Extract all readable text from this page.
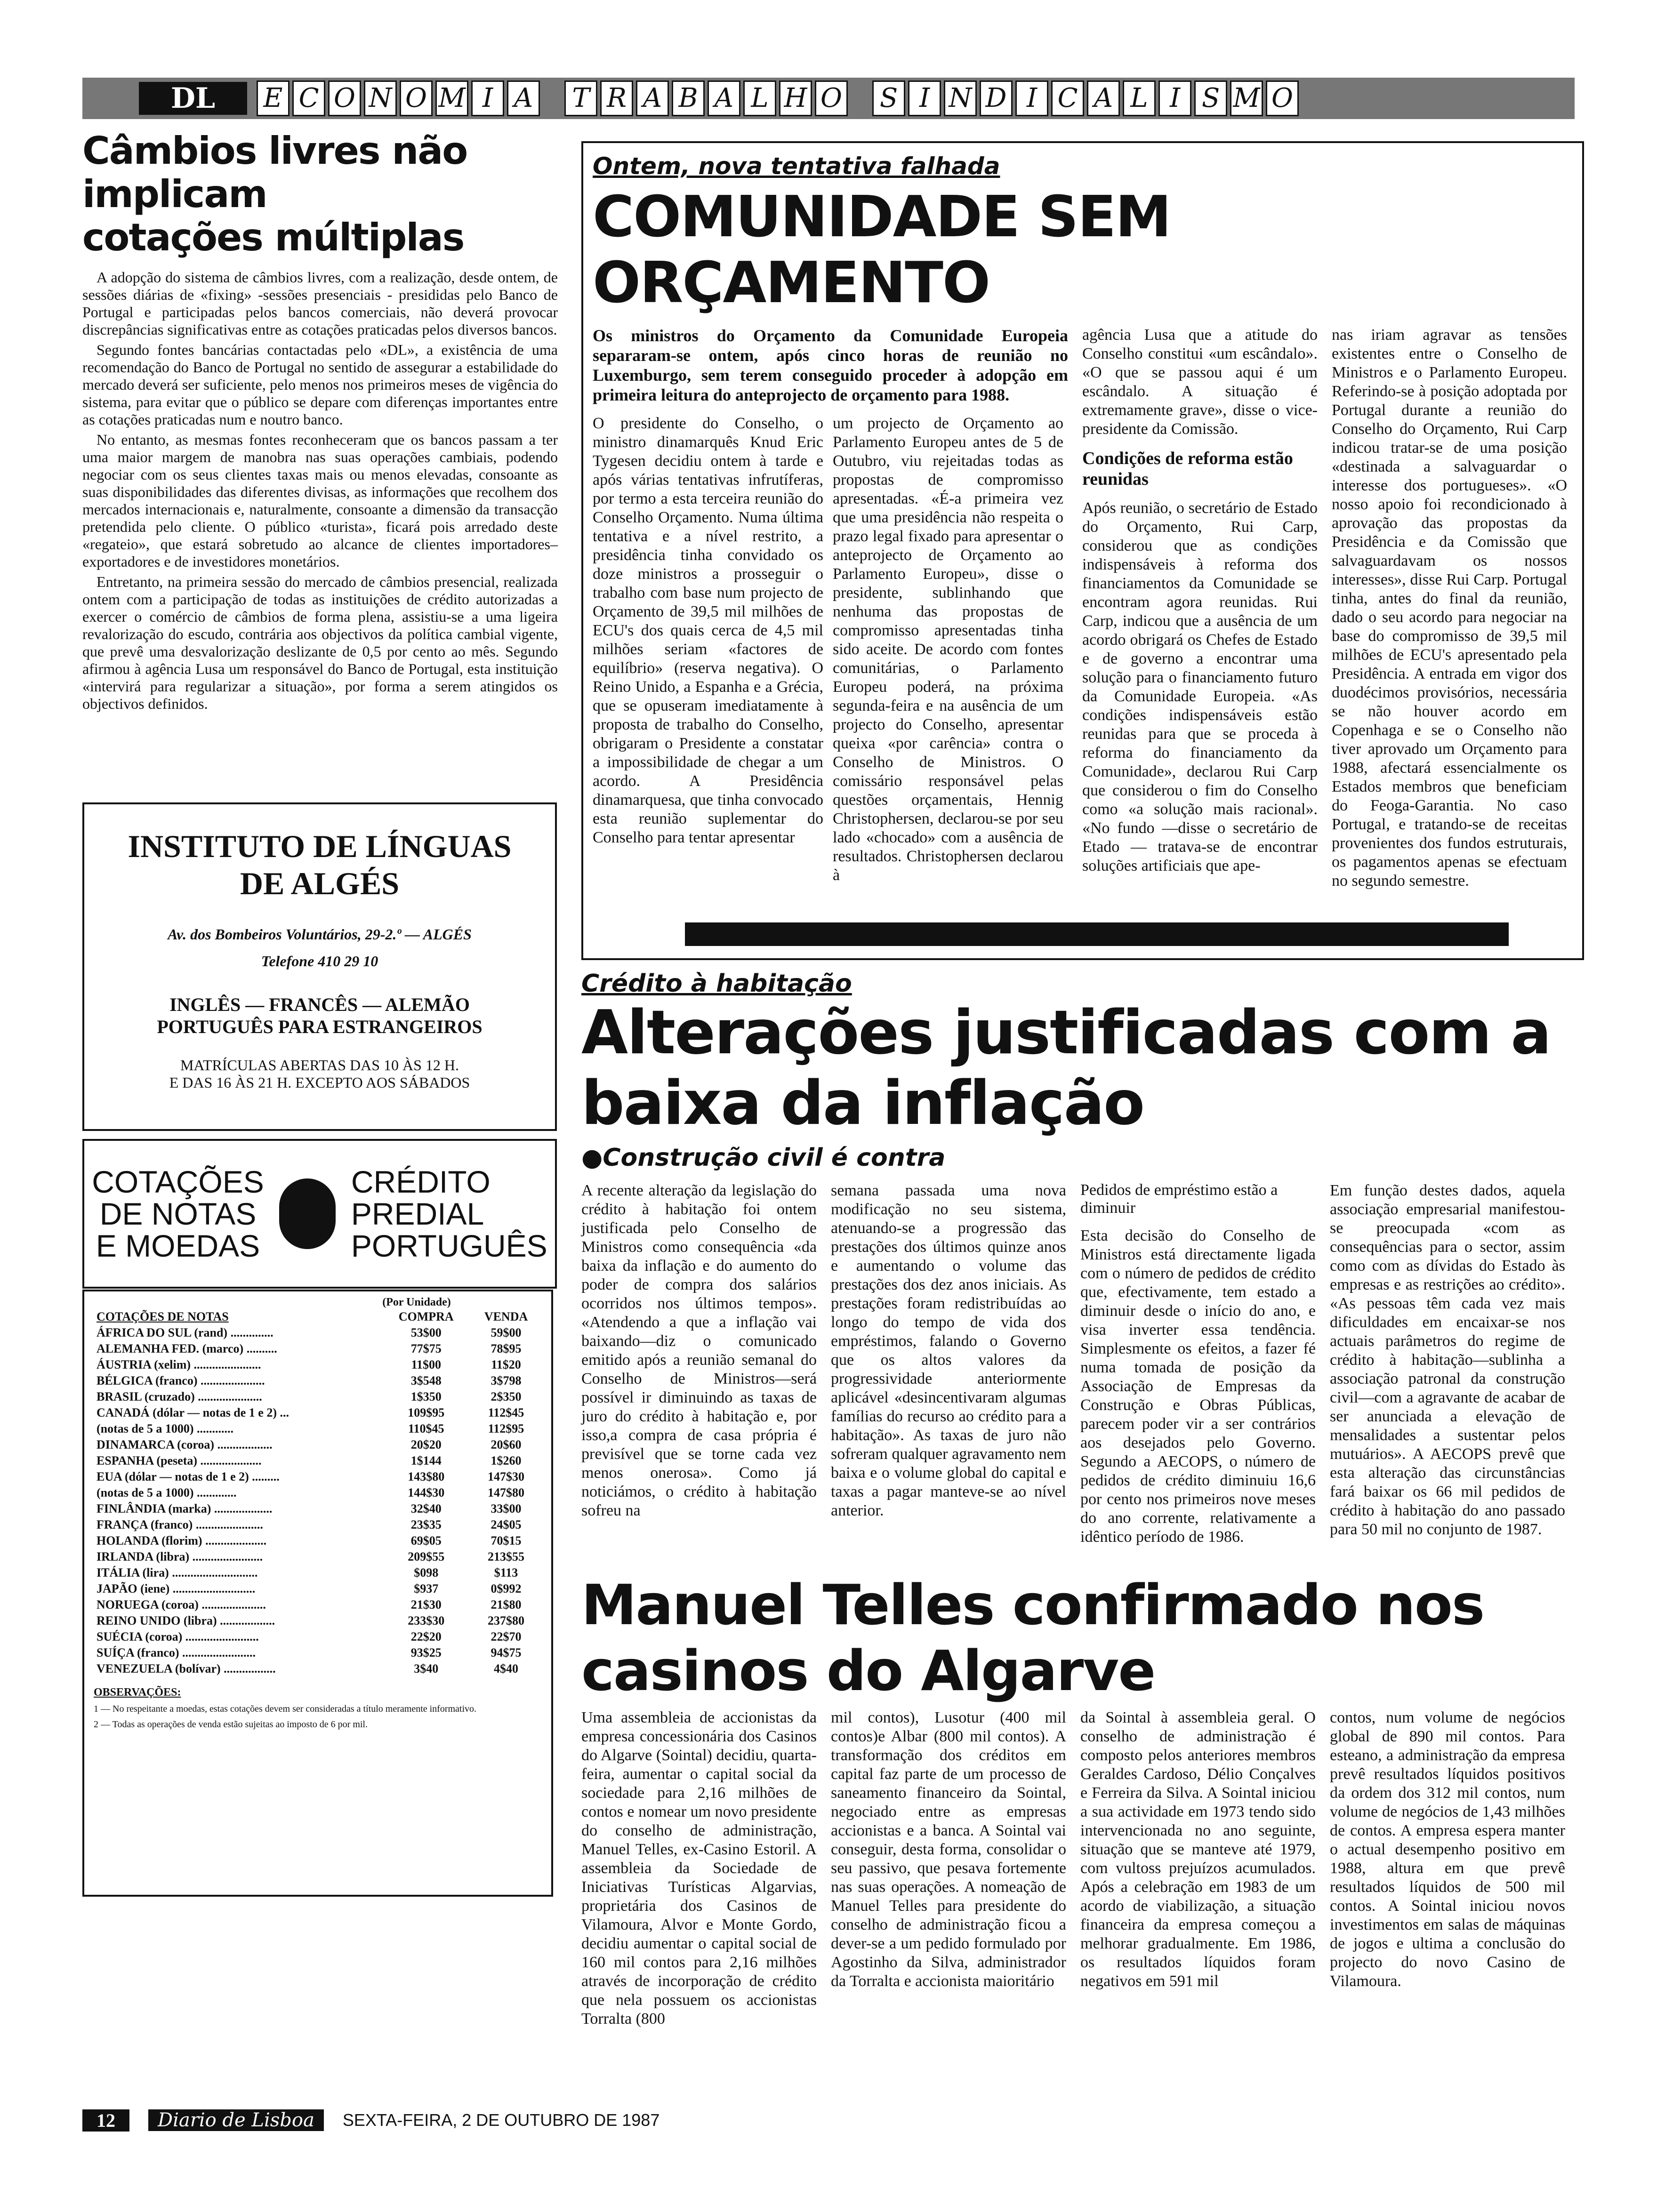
DL	E C O N O M I A T R A B A L H O S I N D I C A L I S M O
Câmbios livres não implicam
cotações múltiplas

A adopção do sistema de câmbios livres, com a realização, desde ontem, de sessões diárias de «fixing» -sessões presenciais - presididas pelo Banco de Portugal e participadas pelos bancos comerciais, não deverá provocar discrepâncias significativas entre as cotações praticadas pelos diversos bancos.

Segundo fontes bancárias contactadas pelo «DL», a existência de uma recomendação do Banco de Portugal no sentido de assegurar a estabilidade do mercado deverá ser suficiente, pelo menos nos primeiros meses de vigência do sistema, para evitar que o público se depare com diferenças importantes entre as cotações praticadas num e noutro banco.

No entanto, as mesmas fontes reconheceram que os bancos passam a ter uma maior margem de manobra nas suas operações cambiais, podendo negociar com os seus clientes taxas mais ou menos elevadas, consoante as suas disponibilidades das diferentes divisas, as informações que recolhem dos mercados internacionais e, naturalmente, consoante a dimensão da transacção pretendida pelo cliente. O público «turista», ficará pois arredado deste «regateio», que estará sobretudo ao alcance de clientes importadores–exportadores e de investidores monetários.

Entretanto, na primeira sessão do mercado de câmbios presencial, realizada ontem com a participação de todas as instituições de crédito autorizadas a exercer o comércio de câmbios de forma plena, assistiu-se a uma ligeira revalorização do escudo, contrária aos objectivos da política cambial vigente, que prevê uma desvalorização deslizante de 0,5 por cento ao mês. Segundo afirmou à agência Lusa um responsável do Banco de Portugal, esta instituição «intervirá para regularizar a situação», por forma a serem atingidos os objectivos definidos.

INSTITUTO DE LÍNGUAS
DE ALGÉS
Av. dos Bombeiros Voluntários, 29-2.º — ALGÉS
Telefone 410 29 10
INGLÊS — FRANCÊS — ALEMÃO
PORTUGUÊS PARA ESTRANGEIROS
MATRÍCULAS ABERTAS DAS 10 ÀS 12 H.
E DAS 16 ÀS 21 H. EXCEPTO AOS SÁBADOS
COTAÇÕES
DE NOTAS
E MOEDAS
CRÉDITO
PREDIAL
PORTUGUÊS
(Por Unidade)
COTAÇÕES DE NOTAS	COMPRA	VENDA
ÁFRICA DO SUL (rand) ..............	53$00	59$00
ALEMANHA FED. (marco) ..........	77$75	78$95
ÁUSTRIA (xelim) ......................	11$00	11$20
BÉLGICA (franco) .....................	3$548	3$798
BRASIL (cruzado) .....................	1$350	2$350
CANADÁ (dólar — notas de 1 e 2) ...	109$95	112$45
(notas de 5 a 1000) ............	110$45	112$95
DINAMARCA (coroa) ..................	20$20	20$60
ESPANHA (peseta) ....................	1$144	1$260
EUA (dólar — notas de 1 e 2) .........	143$80	147$30
(notas de 5 a 1000) .............	144$30	147$80
FINLÂNDIA (marka) ...................	32$40	33$00
FRANÇA (franco) ......................	23$35	24$05
HOLANDA (florim) ....................	69$05	70$15
IRLANDA (libra) .......................	209$55	213$55
ITÁLIA (lira) ............................	$098	$113
JAPÃO (iene) ...........................	$937	0$992
NORUEGA (coroa) .....................	21$30	21$80
REINO UNIDO (libra) ..................	233$30	237$80
SUÉCIA (coroa) ........................	22$20	22$70
SUÍÇA (franco) ........................	93$25	94$75
VENEZUELA (bolívar) .................	3$40	4$40
OBSERVAÇÕES:
1 — No respeitante a moedas, estas cotações devem ser consideradas a título meramente informativo.
2 — Todas as operações de venda estão sujeitas ao imposto de 6 por mil.
Ontem, nova tentativa falhada
COMUNIDADE SEM ORÇAMENTO
Os ministros do Orçamento da Comunidade Europeia separaram-se ontem, após cinco horas de reunião no Luxemburgo, sem terem conseguido proceder à adopção em primeira leitura do anteprojecto de orçamento para 1988.
O presidente do Conselho, o ministro dinamarquês Knud Eric Tygesen decidiu ontem à tarde e após várias tentativas infrutíferas, por termo a esta terceira reunião do Conselho Orçamento. Numa última tentativa e a nível restrito, a presidência tinha convidado os doze ministros a prosseguir o trabalho com base num projecto de Orçamento de 39,5 mil milhões de ECU's dos quais cerca de 4,5 mil milhões seriam «factores de equilíbrio» (reserva negativa). O Reino Unido, a Espanha e a Grécia, que se opuseram imediatamente à proposta de trabalho do Conselho, obrigaram o Presidente a constatar a impossibilidade de chegar a um acordo. A Presidência dinamarquesa, que tinha convocado esta reunião suplementar do Conselho para tentar apresentar
um projecto de Orçamento ao Parlamento Europeu antes de 5 de Outubro, viu rejeitadas todas as propostas de compromisso apresentadas. «É-a primeira vez que uma presidência não respeita o prazo legal fixado para apresentar o anteprojecto de Orçamento ao Parlamento Europeu», disse o presidente, sublinhando que nenhuma das propostas de compromisso apresentadas tinha sido aceite. De acordo com fontes comunitárias, o Parlamento Europeu poderá, na próxima segunda-feira e na ausência de um projecto do Conselho, apresentar queixa «por carência» contra o Conselho de Ministros. O comissário responsável pelas questões orçamentais, Hennig Christophersen, declarou-se por seu lado «chocado» com a ausência de resultados. Christophersen declarou à
agência Lusa que a atitude do Conselho constitui «um escândalo». «O que se passou aqui é um escândalo. A situação é extremamente grave», disse o vice-presidente da Comissão.
Condições de reforma estão reunidas
Após reunião, o secretário de Estado do Orçamento, Rui Carp, considerou que as condições indispensáveis à reforma dos financiamentos da Comunidade se encontram agora reunidas. Rui Carp, indicou que a ausência de um acordo obrigará os Chefes de Estado e de governo a encontrar uma solução para o financiamento futuro da Comunidade Europeia. «As condições indispensáveis estão reunidas para que se proceda à reforma do financiamento da Comunidade», declarou Rui Carp que considerou o fim do Conselho como «a solução mais racional». «No fundo —disse o secretário de Etado — tratava-se de encontrar soluções artificiais que ape-
nas iriam agravar as tensões existentes entre o Conselho de Ministros e o Parlamento Europeu. Referindo-se à posição adoptada por Portugal durante a reunião do Conselho do Orçamento, Rui Carp indicou tratar-se de uma posição «destinada a salvaguardar o interesse dos portugueses». «O nosso apoio foi recondicionado à aprovação das propostas da Presidência e da Comissão que salvaguardavam os nossos interesses», disse Rui Carp. Portugal tinha, antes do final da reunião, dado o seu acordo para negociar na base do compromisso de 39,5 mil milhões de ECU's apresentado pela Presidência. A entrada em vigor dos duodécimos provisórios, necessária se não houver acordo em Copenhaga e se o Conselho não tiver aprovado um Orçamento para 1988, afectará essencialmente os Estados membros que beneficiam do Feoga-Garantia. No caso Portugal, e tratando-se de receitas provenientes dos fundos estruturais, os pagamentos apenas se efectuam no segundo semestre.
Crédito à habitação
Alterações justificadas com a baixa da inflação
●Construção civil é contra
A recente alteração da legislação do crédito à habitação foi ontem justificada pelo Conselho de Ministros como consequência «da baixa da inflação e do aumento do poder de compra dos salários ocorridos nos últimos tempos». «Atendendo a que a inflação vai baixando—diz o comunicado emitido após a reunião semanal do Conselho de Ministros—será possível ir diminuindo as taxas de juro do crédito à habitação e, por isso,a compra de casa própria é previsível que se torne cada vez menos onerosa». Como já noticiámos, o crédito à habitação sofreu na
semana passada uma nova modificação no seu sistema, atenuando-se a progressão das prestações dos últimos quinze anos e aumentando o volume das prestações dos dez anos iniciais. As prestações foram redistribuídas ao longo do tempo de vida dos empréstimos, falando o Governo que os altos valores da progressividade anteriormente aplicável «desincentivaram algumas famílias do recurso ao crédito para a habitação». As taxas de juro não sofreram qualquer agravamento nem baixa e o volume global do capital e taxas a pagar manteve-se ao nível anterior.
Pedidos de empréstimo estão a diminuir
Esta decisão do Conselho de Ministros está directamente ligada com o número de pedidos de crédito que, efectivamente, tem estado a diminuir desde o início do ano, e visa inverter essa tendência. Simplesmente os efeitos, a fazer fé numa tomada de posição da Associação de Empresas da Construção e Obras Públicas, parecem poder vir a ser contrários aos desejados pelo Governo. Segundo a AECOPS, o número de pedidos de crédito diminuiu 16,6 por cento nos primeiros nove meses do ano corrente, relativamente a idêntico período de 1986.
Em função destes dados, aquela associação empresarial manifestou-se preocupada «com as consequências para o sector, assim como com as dívidas do Estado às empresas e as restrições ao crédito». «As pessoas têm cada vez mais dificuldades em encaixar-se nos actuais parâmetros do regime de crédito à habitação—sublinha a associação patronal da construção civil—com a agravante de acabar de ser anunciada a elevação de mensalidades a sustentar pelos mutuários». A AECOPS prevê que esta alteração das circunstâncias fará baixar os 66 mil pedidos de crédito à habitação do ano passado para 50 mil no conjunto de 1987.
Manuel Telles confirmado nos casinos do Algarve
Uma assembleia de accionistas da empresa concessionária dos Casinos do Algarve (Sointal) decidiu, quarta-feira, aumentar o capital social da sociedade para 2,16 milhões de contos e nomear um novo presidente do conselho de administração, Manuel Telles, ex-Casino Estoril. A assembleia da Sociedade de Iniciativas Turísticas Algarvias, proprietária dos Casinos de Vilamoura, Alvor e Monte Gordo, decidiu aumentar o capital social de 160 mil contos para 2,16 milhões através de incorporação de crédito que nela possuem os accionistas Torralta (800
mil contos), Lusotur (400 mil contos)e Albar (800 mil contos). A transformação dos créditos em capital faz parte de um processo de saneamento financeiro da Sointal, negociado entre as empresas accionistas e a banca. A Sointal vai conseguir, desta forma, consolidar o seu passivo, que pesava fortemente nas suas operações. A nomeação de Manuel Telles para presidente do conselho de administração ficou a dever-se a um pedido formulado por Agostinho da Silva, administrador da Torralta e accionista maioritário
da Sointal à assembleia geral. O conselho de administração é composto pelos anteriores membros Geraldes Cardoso, Délio Conçalves e Ferreira da Silva. A Sointal iniciou a sua actividade em 1973 tendo sido intervencionada no ano seguinte, situação que se manteve até 1979, com vultoss prejuízos acumulados. Após a celebração em 1983 de um acordo de viabilização, a situação financeira da empresa começou a melhorar gradualmente. Em 1986, os resultados líquidos foram negativos em 591 mil
contos, num volume de negócios global de 890 mil contos. Para esteano, a administração da empresa prevê resultados líquidos positivos da ordem dos 312 mil contos, num volume de negócios de 1,43 milhões de contos. A empresa espera manter o actual desempenho positivo em 1988, altura em que prevê resultados líquidos de 500 mil contos. A Sointal iniciou novos investimentos em salas de máquinas de jogos e ultima a conclusão do projecto do novo Casino de Vilamoura.
12	Diario de Lisboa	SEXTA-FEIRA, 2 DE OUTUBRO DE 1987
